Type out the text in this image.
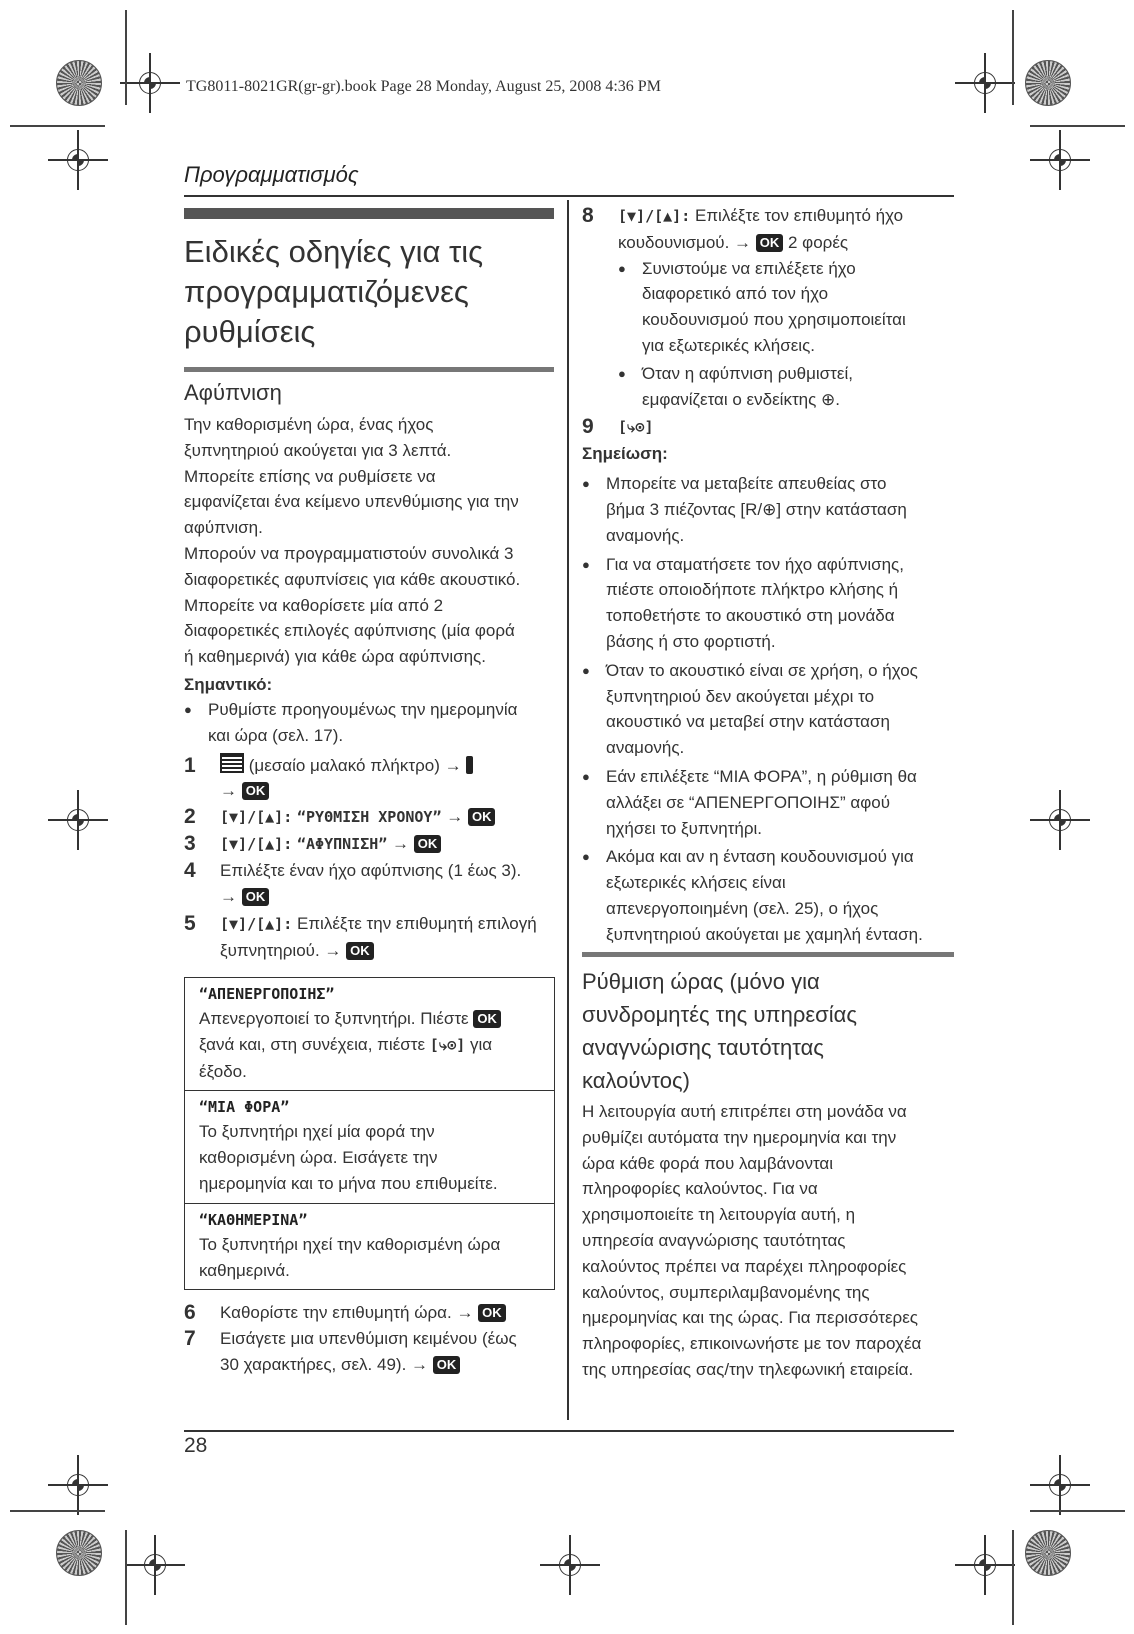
TG8011-8021GR(gr-gr).book Page 28 Monday, August 25, 2008 4:36 PM
Προγραμματισμός
Ειδικές οδηγίες για τις
προγραμματιζόμενες
ρυθμίσεις
Αφύπνιση
Την καθορισμένη ώρα, ένας ήχος
ξυπνητηριού ακούγεται για 3 λεπτά.
Μπορείτε επίσης να ρυθμίσετε να
εμφανίζεται ένα κείμενο υπενθύμισης για την
αφύπνιση.
Μπορούν να προγραμματιστούν συνολικά 3
διαφορετικές αφυπνίσεις για κάθε ακουστικό.
Μπορείτε να καθορίσετε μία από 2
διαφορετικές επιλογές αφύπνισης (μία φορά
ή καθημερινά) για κάθε ώρα αφύπνισης.
Σημαντικό:
● Ρυθμίστε προηγουμένως την ημερομηνία
και ώρα (σελ. 17).
1	(μεσαίο μαλακό πλήκτρο) →
→ OK
2 [▼]/[▲]: “ΡΥΘΜΙΣΗ ΧΡΟΝΟΥ” → OK
3 [▼]/[▲]: “ΑΦΥΠΝΙΣΗ” → OK
4 Επιλέξτε έναν ήχο αφύπνισης (1 έως 3).
→ OK
5 [▼]/[▲]: Επιλέξτε την επιθυμητή επιλογή
ξυπνητηριού. → OK
“ΑΠΕΝΕΡΓΟΠΟΙΗΣ”
Απενεργοποιεί το ξυπνητήρι. Πιέστε OK
ξανά και, στη συνέχεια, πιέστε [⤷⊙] για
έξοδο.
“ΜΙΑ ΦΟΡΑ”
Το ξυπνητήρι ηχεί μία φορά την
καθορισμένη ώρα. Εισάγετε την
ημερομηνία και το μήνα που επιθυμείτε.
“ΚΑΘΗΜΕΡΙΝΑ”
Το ξυπνητήρι ηχεί την καθορισμένη ώρα
καθημερινά.
6 Καθορίστε την επιθυμητή ώρα. → OK
7 Εισάγετε μια υπενθύμιση κειμένου (έως
30 χαρακτήρες, σελ. 49). → OK
8 [▼]/[▲]: Επιλέξτε τον επιθυμητό ήχο
κουδουνισμού. → OK 2 φορές
● Συνιστούμε να επιλέξετε ήχο
διαφορετικό από τον ήχο
κουδουνισμού που χρησιμοποιείται
για εξωτερικές κλήσεις.
● Όταν η αφύπνιση ρυθμιστεί,
εμφανίζεται ο ενδείκτης ⊕.
9 [⤷⊙]
Σημείωση:
● Μπορείτε να μεταβείτε απευθείας στο
βήμα 3 πιέζοντας [R/⊕] στην κατάσταση
αναμονής.
● Για να σταματήσετε τον ήχο αφύπνισης,
πιέστε οποιοδήποτε πλήκτρο κλήσης ή
τοποθετήστε το ακουστικό στη μονάδα
βάσης ή στο φορτιστή.
● Όταν το ακουστικό είναι σε χρήση, ο ήχος
ξυπνητηριού δεν ακούγεται μέχρι το
ακουστικό να μεταβεί στην κατάσταση
αναμονής.
● Εάν επιλέξετε “ΜΙΑ ΦΟΡΑ”, η ρύθμιση θα
αλλάξει σε “ΑΠΕΝΕΡΓΟΠΟΙΗΣ” αφού
ηχήσει το ξυπνητήρι.
● Ακόμα και αν η ένταση κουδουνισμού για
εξωτερικές κλήσεις είναι
απενεργοποιημένη (σελ. 25), ο ήχος
ξυπνητηριού ακούγεται με χαμηλή ένταση.
Ρύθμιση ώρας (μόνο για
συνδρομητές της υπηρεσίας
αναγνώρισης ταυτότητας
καλούντος)
Η λειτουργία αυτή επιτρέπει στη μονάδα να
ρυθμίζει αυτόματα την ημερομηνία και την
ώρα κάθε φορά που λαμβάνονται
πληροφορίες καλούντος. Για να
χρησιμοποιείτε τη λειτουργία αυτή, η
υπηρεσία αναγνώρισης ταυτότητας
καλούντος πρέπει να παρέχει πληροφορίες
καλούντος, συμπεριλαμβανομένης της
ημερομηνίας και της ώρας. Για περισσότερες
πληροφορίες, επικοινωνήστε με τον παροχέα
της υπηρεσίας σας/την τηλεφωνική εταιρεία.
28
